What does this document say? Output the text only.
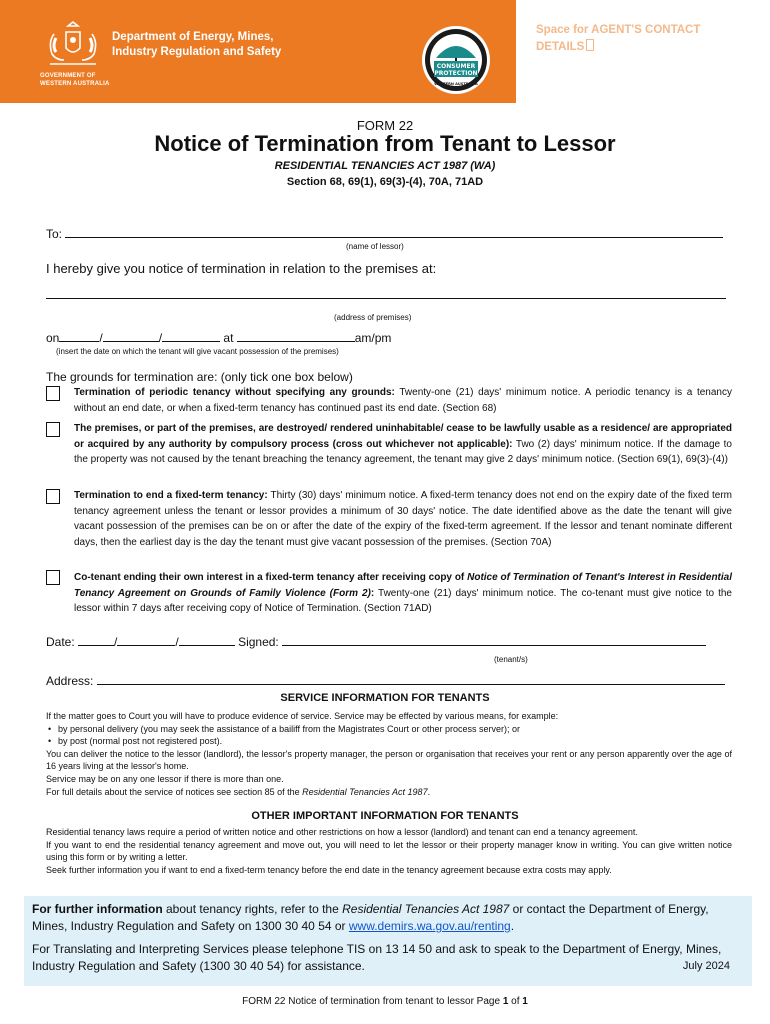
GOVERNMENT OF
WESTERN AUSTRALIA
Department of Energy, Mines,
Industry Regulation and Safety
CONSUMER
PROTECTION
WESTERN AUSTRALIA
Space for AGENT'S CONTACT
DETAILS
FORM 22
Notice of Termination from Tenant to Lessor
RESIDENTIAL TENANCIES ACT 1987 (WA)
Section 68, 69(1), 69(3)-(4), 70A, 71AD
To:
(name of lessor)
I hereby give you notice of termination in relation to the premises at:
(address of premises)
on	/	/	at	am/pm
(insert the date on which the tenant will give vacant possession of the premises)
The grounds for termination are: (only tick one box below)
Termination of periodic tenancy without specifying any grounds: Twenty-one (21) days' minimum notice. A periodic tenancy is a tenancy without an end date, or when a fixed-term tenancy has continued past its end date. (Section 68)
The premises, or part of the premises, are destroyed/ rendered uninhabitable/ cease to be lawfully usable as a residence/ are appropriated or acquired by any authority by compulsory process (cross out whichever not applicable): Two (2) days' minimum notice. If the damage to the property was not caused by the tenant breaching the tenancy agreement, the tenant may give 2 days' minimum notice. (Section 69(1), 69(3)-(4))
Termination to end a fixed-term tenancy: Thirty (30) days' minimum notice. A fixed-term tenancy does not end on the expiry date of the fixed term tenancy agreement unless the tenant or lessor provides a minimum of 30 days' notice. The date identified above as the date the tenant will give vacant possession of the premises can be on or after the date of the expiry of the fixed-term agreement. If the lessor and tenant nominate different days, then the earliest day is the day the tenant must give vacant possession of the premises. (Section 70A)
Co-tenant ending their own interest in a fixed-term tenancy after receiving copy of Notice of Termination of Tenant's Interest in Residential Tenancy Agreement on Grounds of Family Violence (Form 2): Twenty-one (21) days' minimum notice. The co-tenant must give notice to the lessor within 7 days after receiving copy of Notice of Termination. (Section 71AD)
Date:	/	/	Signed:
(tenant/s)
Address:
SERVICE INFORMATION FOR TENANTS
If the matter goes to Court you will have to produce evidence of service. Service may be effected by various means, for example:
• by personal delivery (you may seek the assistance of a bailiff from the Magistrates Court or other process server); or
• by post (normal post not registered post).
You can deliver the notice to the lessor (landlord), the lessor's property manager, the person or organisation that receives your rent or any person apparently over the age of 16 years living at the lessor's home.
Service may be on any one lessor if there is more than one.
For full details about the service of notices see section 85 of the Residential Tenancies Act 1987.
OTHER IMPORTANT INFORMATION FOR TENANTS
Residential tenancy laws require a period of written notice and other restrictions on how a lessor (landlord) and tenant can end a tenancy agreement.
If you want to end the residential tenancy agreement and move out, you will need to let the lessor or their property manager know in writing. You can give written notice using this form or by writing a letter.
Seek further information you if want to end a fixed-term tenancy before the end date in the tenancy agreement because extra costs may apply.

For further information about tenancy rights, refer to the Residential Tenancies Act 1987 or contact the Department of Energy, Mines, Industry Regulation and Safety on 1300 30 40 54 or www.demirs.wa.gov.au/renting.

For Translating and Interpreting Services please telephone TIS on 13 14 50 and ask to speak to the Department of Energy, Mines, Industry Regulation and Safety (1300 30 40 54) for assistance.	July 2024
FORM 22 Notice of termination from tenant to lessor Page 1 of 1
